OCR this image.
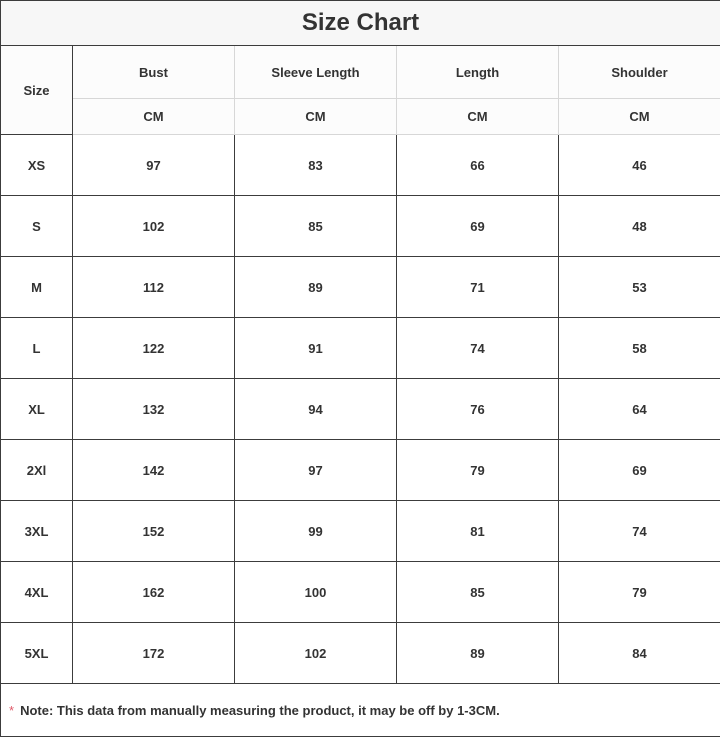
Size Chart				
Size	Bust	Sleeve Length	Length	Shoulder
	CM	CM	CM	CM
XS	97	83	66	46
S	102	85	69	48
M	112	89	71	53
L	122	91	74	58
XL	132	94	76	64
2Xl	142	97	79	69
3XL	152	99	81	74
4XL	162	100	85	79
5XL	172	102	89	84
* Note: This data from manually measuring the product, it may be off by 1-3CM.				
